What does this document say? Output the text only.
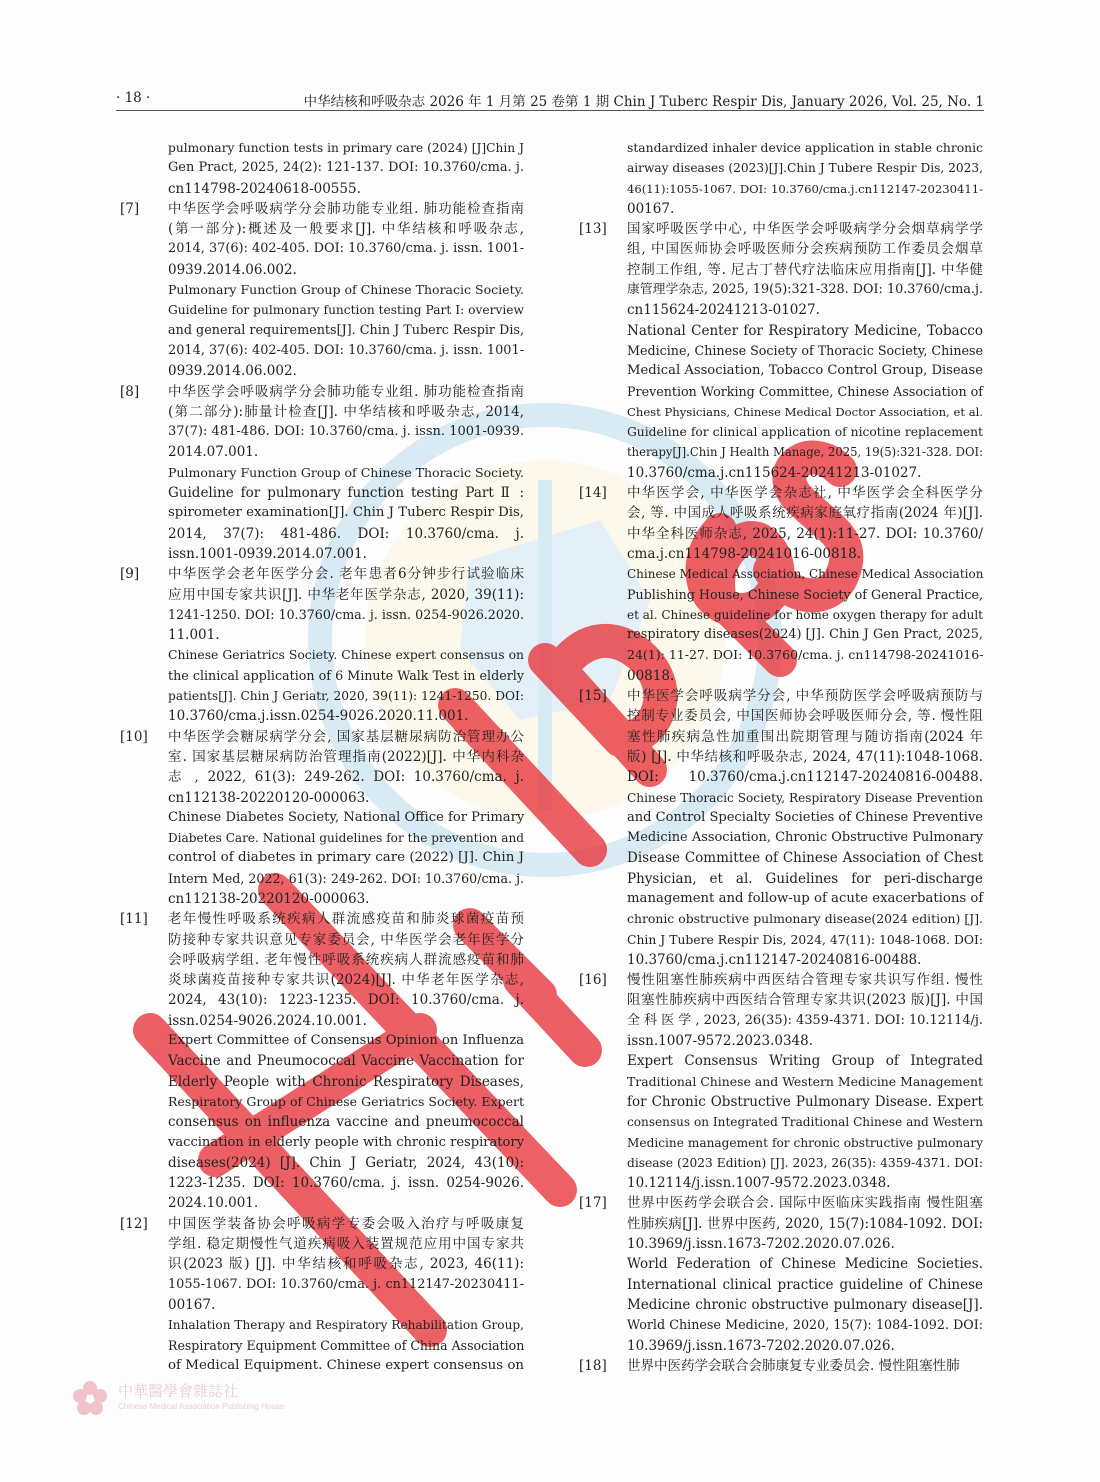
· 18 ·	中华结核和呼吸杂志 2026 年 1 月第 25 卷第 1 期 Chin J Tuberc Respir Dis, January 2026, Vol. 25, No. 1
pulmonary function tests in primary care (2024) [J]Chin J
Gen Pract, 2025, 24(2): 121-137. DOI: 10.3760/cma. j.
cn114798-20240618-00555.
[7]	中华医学会呼吸病学分会肺功能专业组. 肺功能检查指南
(第一部分):概述及一般要求[J]. 中华结核和呼吸杂志,
2014, 37(6): 402-405. DOI: 10.3760/cma. j. issn. 1001-
0939.2014.06.002.
Pulmonary Function Group of Chinese Thoracic Society.
Guideline for pulmonary function testing Part Ⅰ: overview
and general requirements[J]. Chin J Tuberc Respir Dis,
2014, 37(6): 402-405. DOI: 10.3760/cma. j. issn. 1001-
0939.2014.06.002.
[8]	中华医学会呼吸病学分会肺功能专业组. 肺功能检查指南
(第二部分):肺量计检查[J]. 中华结核和呼吸杂志, 2014,
37(7): 481-486. DOI: 10.3760/cma. j. issn. 1001-0939.
2014.07.001.
Pulmonary Function Group of Chinese Thoracic Society.
Guideline for pulmonary function testing Part Ⅱ :
spirometer examination[J]. Chin J Tuberc Respir Dis,
2014, 37(7): 481-486. DOI: 10.3760/cma. j.
issn.1001-0939.2014.07.001.
[9]	中华医学会老年医学分会. 老年患者6分钟步行试验临床
应用中国专家共识[J]. 中华老年医学杂志, 2020, 39(11):
1241-1250. DOI: 10.3760/cma. j. issn. 0254-9026.2020.
11.001.
Chinese Geriatrics Society. Chinese expert consensus on
the clinical application of 6 Minute Walk Test in elderly
patients[J]. Chin J Geriatr, 2020, 39(11): 1241-1250. DOI:
10.3760/cma.j.issn.0254-9026.2020.11.001.
[10]	中华医学会糖尿病学分会, 国家基层糖尿病防治管理办公
室. 国家基层糖尿病防治管理指南(2022)[J]. 中华内科杂
志 , 2022, 61(3): 249-262. DOI: 10.3760/cma. j.
cn112138-20220120-000063.
Chinese Diabetes Society, National Office for Primary
Diabetes Care. National guidelines for the prevention and
control of diabetes in primary care (2022) [J]. Chin J
Intern Med, 2022, 61(3): 249-262. DOI: 10.3760/cma. j.
cn112138-20220120-000063.
[11]	老年慢性呼吸系统疾病人群流感疫苗和肺炎球菌疫苗预
防接种专家共识意见专家委员会, 中华医学会老年医学分
会呼吸病学组. 老年慢性呼吸系统疾病人群流感疫苗和肺
炎球菌疫苗接种专家共识(2024)[J]. 中华老年医学杂志,
2024, 43(10): 1223-1235. DOI: 10.3760/cma. j.
issn.0254-9026.2024.10.001.
Expert Committee of Consensus Opinion on Influenza
Vaccine and Pneumococcal Vaccine Vaccination for
Elderly People with Chronic Respiratory Diseases,
Respiratory Group of Chinese Geriatrics Society. Expert
consensus on influenza vaccine and pneumococcal
vaccination in elderly people with chronic respiratory
diseases(2024) [J]. Chin J Geriatr, 2024, 43(10):
1223-1235. DOI: 10.3760/cma. j. issn. 0254-9026.
2024.10.001.
[12]	中国医学装备协会呼吸病学专委会吸入治疗与呼吸康复
学组. 稳定期慢性气道疾病吸入装置规范应用中国专家共
识(2023 版) [J]. 中华结核和呼吸杂志, 2023, 46(11):
1055-1067. DOI: 10.3760/cma. j. cn112147-20230411-
00167.
Inhalation Therapy and Respiratory Rehabilitation Group,
Respiratory Equipment Committee of China Association
of Medical Equipment. Chinese expert consensus on
standardized inhaler device application in stable chronic
airway diseases (2023)[J].Chin J Tubere Respir Dis, 2023,
46(11):1055-1067. DOI: 10.3760/cma.j.cn112147-20230411-
00167.
[13]	国家呼吸医学中心, 中华医学会呼吸病学分会烟草病学学
组, 中国医师协会呼吸医师分会疾病预防工作委员会烟草
控制工作组, 等. 尼古丁替代疗法临床应用指南[J]. 中华健
康管理学杂志, 2025, 19(5):321-328. DOI: 10.3760/cma.j.
cn115624-20241213-01027.
National Center for Respiratory Medicine, Tobacco
Medicine, Chinese Society of Thoracic Society, Chinese
Medical Association, Tobacco Control Group, Disease
Prevention Working Committee, Chinese Association of
Chest Physicians, Chinese Medical Doctor Association, et al.
Guideline for clinical application of nicotine replacement
therapy[J].Chin J Health Manage, 2025, 19(5):321-328. DOI:
10.3760/cma.j.cn115624-20241213-01027.
[14]	中华医学会, 中华医学会杂志社, 中华医学会全科医学分
会, 等. 中国成人呼吸系统疾病家庭氧疗指南(2024 年)[J].
中华全科医师杂志, 2025, 24(1):11-27. DOI: 10.3760/
cma.j.cn114798-20241016-00818.
Chinese Medical Association, Chinese Medical Association
Publishing House, Chinese Society of General Practice,
et al. Chinese guideline for home oxygen therapy for adult
respiratory diseases(2024) [J]. Chin J Gen Pract, 2025,
24(1): 11-27. DOI: 10.3760/cma. j. cn114798-20241016-
00818.
[15]	中华医学会呼吸病学分会, 中华预防医学会呼吸病预防与
控制专业委员会, 中国医师协会呼吸医师分会, 等. 慢性阻
塞性肺疾病急性加重围出院期管理与随访指南(2024 年
版) [J]. 中华结核和呼吸杂志, 2024, 47(11):1048-1068.
DOI: 10.3760/cma.j.cn112147-20240816-00488.
Chinese Thoracic Society, Respiratory Disease Prevention
and Control Specialty Societies of Chinese Preventive
Medicine Association, Chronic Obstructive Pulmonary
Disease Committee of Chinese Association of Chest
Physician, et al. Guidelines for peri-discharge
management and follow-up of acute exacerbations of
chronic obstructive pulmonary disease(2024 edition) [J].
Chin J Tubere Respir Dis, 2024, 47(11): 1048-1068. DOI:
10.3760/cma.j.cn112147-20240816-00488.
[16]	慢性阻塞性肺疾病中西医结合管理专家共识写作组. 慢性
阻塞性肺疾病中西医结合管理专家共识(2023 版)[J]. 中国
全 科 医 学 , 2023, 26(35): 4359-4371. DOI: 10.12114/j.
issn.1007-9572.2023.0348.
Expert Consensus Writing Group of Integrated
Traditional Chinese and Western Medicine Management
for Chronic Obstructive Pulmonary Disease. Expert
consensus on Integrated Traditional Chinese and Western
Medicine management for chronic obstructive pulmonary
disease (2023 Edition) [J]. 2023, 26(35): 4359-4371. DOI:
10.12114/j.issn.1007-9572.2023.0348.
[17]	世界中医药学会联合会. 国际中医临床实践指南 慢性阻塞
性肺疾病[J]. 世界中医药, 2020, 15(7):1084-1092. DOI:
10.3969/j.issn.1673-7202.2020.07.026.
World Federation of Chinese Medicine Societies.
International clinical practice guideline of Chinese
Medicine chronic obstructive pulmonary disease[J].
World Chinese Medicine, 2020, 15(7): 1084-1092. DOI:
10.3969/j.issn.1673-7202.2020.07.026.
[18]	世界中医药学会联合会肺康复专业委员会. 慢性阻塞性肺
中華醫學會雜誌社
Chinese Medical Association Publishing House
